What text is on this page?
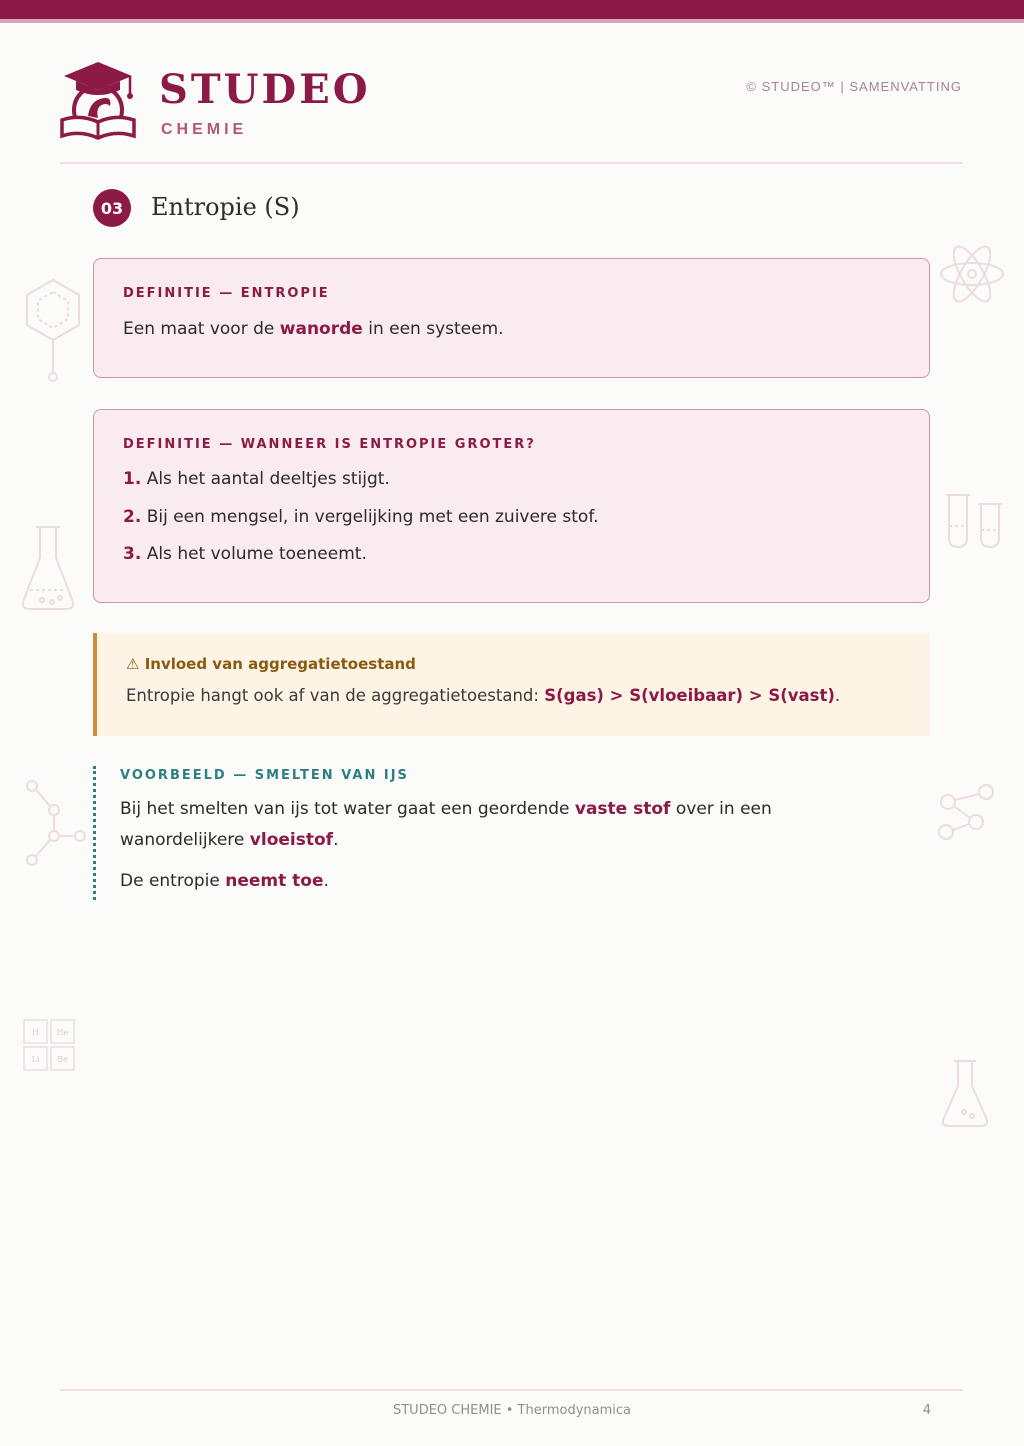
STUDEO
CHEMIE
© STUDEO™ | SAMENVATTING
03	Entropie (S)
DEFINITIE — ENTROPIE
Een maat voor de wanorde in een systeem.
DEFINITIE — WANNEER IS ENTROPIE GROTER?
1. Als het aantal deeltjes stijgt.
2. Bij een mengsel, in vergelijking met een zuivere stof.
3. Als het volume toeneemt.
⚠ Invloed van aggregatietoestand
Entropie hangt ook af van de aggregatietoestand: S(gas) > S(vloeibaar) > S(vast).
VOORBEELD — SMELTEN VAN IJS
Bij het smelten van ijs tot water gaat een geordende vaste stof over in een
wanordelijkere vloeistof.
De entropie neemt toe.
H He
Li Be
STUDEO CHEMIE • Thermodynamica	4
